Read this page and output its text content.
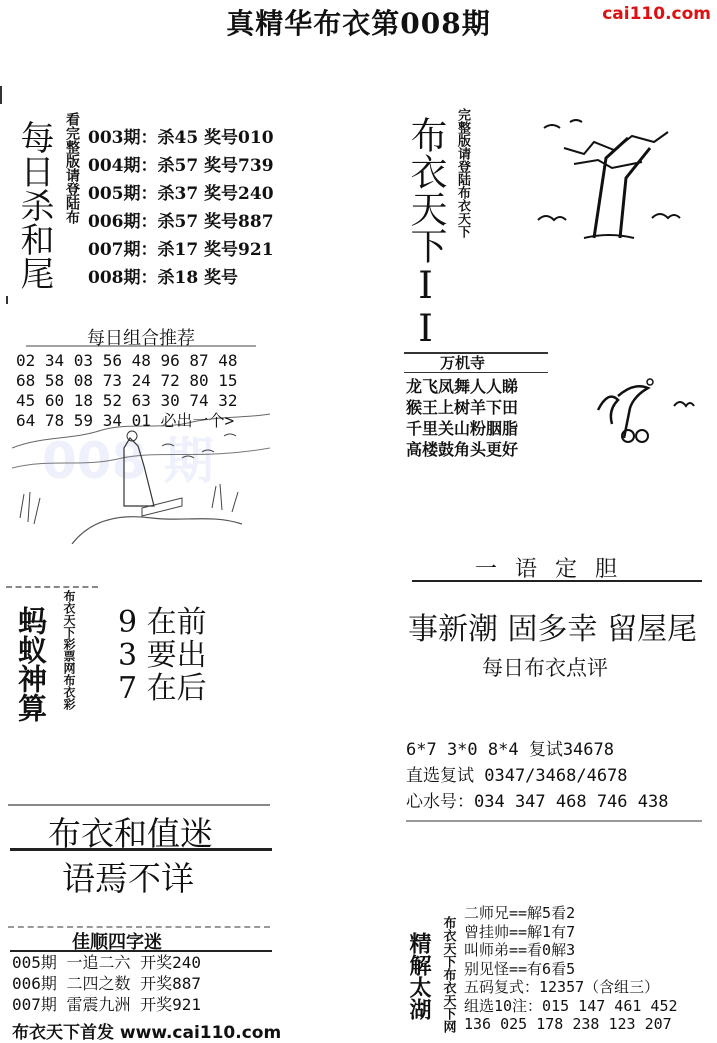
真精华布衣第008期	cai110.com
每日杀和尾 看完整版请登陆布 003期：杀45 奖号010
004期：杀57 奖号739
005期：杀37 奖号240
006期：杀57 奖号887
007期：杀17 奖号921
008期：杀18 奖号
008 期
每日组合推荐
02 34 03 56 48 96 87 48
68 58 08 73 24 72 80 15
45 60 18 52 63 30 74 32
64 78 59 34 01 必出一个>
蚂蚁神算 布衣天下彩票网布衣彩 9 在前
3 要出
7 在后
布衣和值迷
语焉不详
佳顺四字迷
005期 一追二六 开奖240
006期 二四之数 开奖887
007期 雷震九洲 开奖921
布衣天下首发 www.cai110.com
布衣天下II 完整版请登陆布衣天下
万机寺
龙飞凤舞人人睇
猴王上树羊下田
千里关山粉胭脂
高楼鼓角头更好
一语定胆
事新潮 固多幸 留屋尾
每日布衣点评
6*7 3*0 8*4 复试34678
直选复试 0347/3468/4678
心水号：034 347 468 746 438
精解太湖 布衣天下布衣天下网
二师兄==解5看2
曾挂帅==解1有7
叫师弟==看0解3
别见怪==有6看5
五码复式：12357（含组三）
组选10注：015 147 461 452
136 025 178 238 123 207
